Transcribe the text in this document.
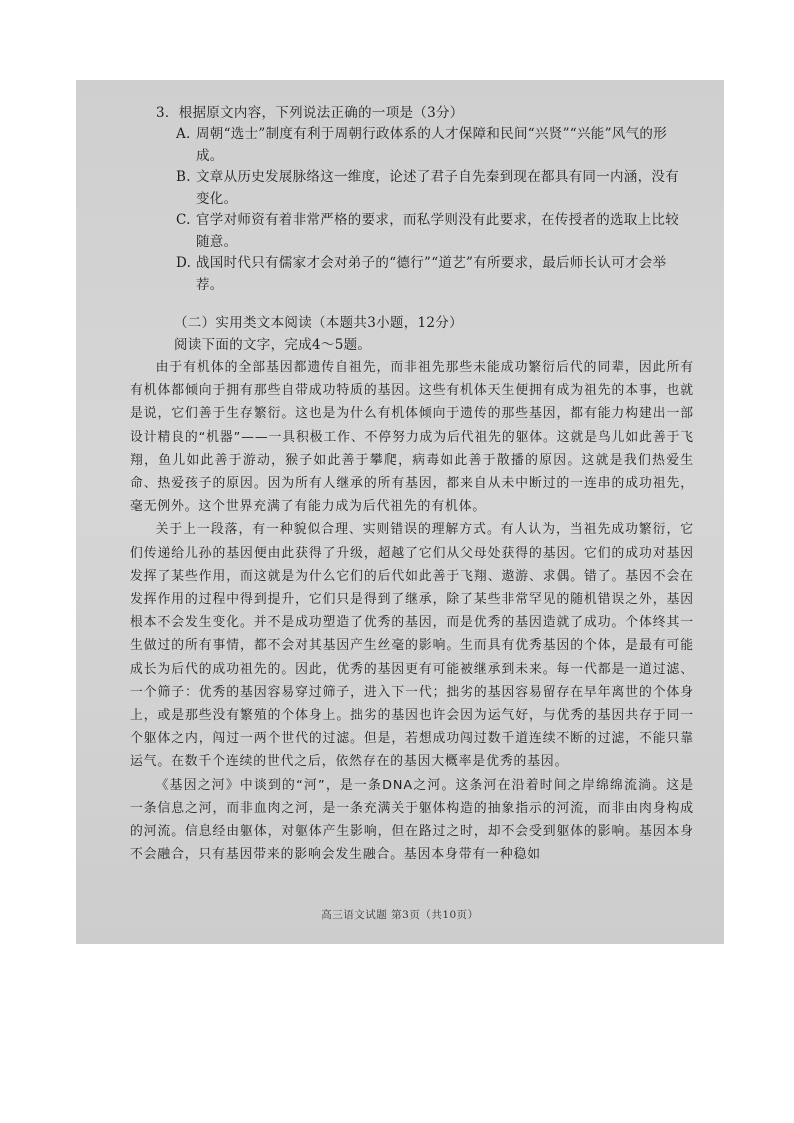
3．根据原文内容，下列说法正确的一项是（3分）

A. 周朝“选士”制度有利于周朝行政体系的人才保障和民间“兴贤”“兴能”风气的形成。

B. 文章从历史发展脉络这一维度，论述了君子自先秦到现在都具有同一内涵，没有变化。

C. 官学对师资有着非常严格的要求，而私学则没有此要求，在传授者的选取上比较随意。

D. 战国时代只有儒家才会对弟子的“德行”“道艺”有所要求，最后师长认可才会举荐。

（二）实用类文本阅读（本题共3小题，12分）

阅读下面的文字，完成4～5题。

由于有机体的全部基因都遗传自祖先，而非祖先那些未能成功繁衍后代的同辈，因此所有有机体都倾向于拥有那些自带成功特质的基因。这些有机体天生便拥有成为祖先的本事，也就是说，它们善于生存繁衍。这也是为什么有机体倾向于遗传的那些基因，都有能力构建出一部设计精良的“机器”——一具积极工作、不停努力成为后代祖先的躯体。这就是鸟儿如此善于飞翔，鱼儿如此善于游动，猴子如此善于攀爬，病毒如此善于散播的原因。这就是我们热爱生命、热爱孩子的原因。因为所有人继承的所有基因，都来自从未中断过的一连串的成功祖先，毫无例外。这个世界充满了有能力成为后代祖先的有机体。

关于上一段落，有一种貌似合理、实则错误的理解方式。有人认为，当祖先成功繁衍，它们传递给儿孙的基因便由此获得了升级，超越了它们从父母处获得的基因。它们的成功对基因发挥了某些作用，而这就是为什么它们的后代如此善于飞翔、遨游、求偶。错了。基因不会在发挥作用的过程中得到提升，它们只是得到了继承，除了某些非常罕见的随机错误之外，基因根本不会发生变化。并不是成功塑造了优秀的基因，而是优秀的基因造就了成功。个体终其一生做过的所有事情，都不会对其基因产生丝毫的影响。生而具有优秀基因的个体，是最有可能成长为后代的成功祖先的。因此，优秀的基因更有可能被继承到未来。每一代都是一道过滤、一个筛子：优秀的基因容易穿过筛子，进入下一代；拙劣的基因容易留存在早年离世的个体身上，或是那些没有繁殖的个体身上。拙劣的基因也许会因为运气好，与优秀的基因共存于同一个躯体之内，闯过一两个世代的过滤。但是，若想成功闯过数千道连续不断的过滤，不能只靠运气。在数千个连续的世代之后，依然存在的基因大概率是优秀的基因。

《基因之河》中谈到的“河”，是一条DNA之河。这条河在沿着时间之岸绵绵流淌。这是一条信息之河，而非血肉之河，是一条充满关于躯体构造的抽象指示的河流，而非由肉身构成的河流。信息经由躯体，对躯体产生影响，但在路过之时，却不会受到躯体的影响。基因本身不会融合，只有基因带来的影响会发生融合。基因本身带有一种稳如

高三语文试题 第3页（共10页）
